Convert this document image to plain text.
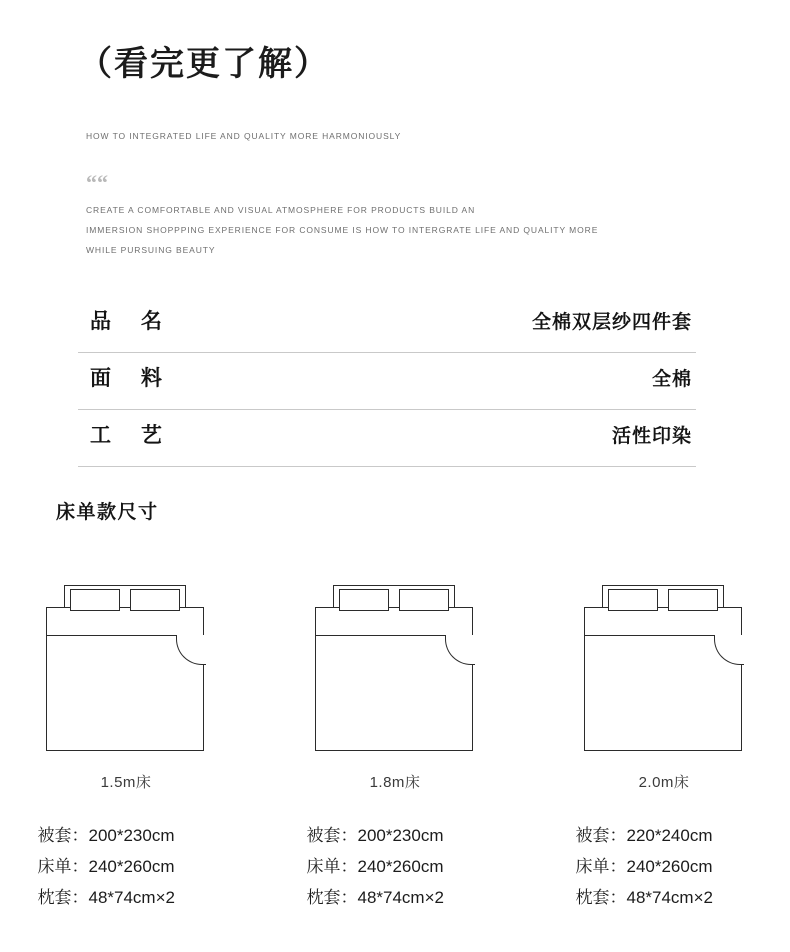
（看完更了解）
HOW TO INTEGRATED LIFE AND QUALITY MORE HARMONIOUSLY
““
CREATE A COMFORTABLE AND VISUAL ATMOSPHERE FOR PRODUCTS BUILD AN
IMMERSION SHOPPPING EXPERIENCE FOR CONSUME IS HOW TO INTERGRATE LIFE AND QUALITY MORE
WHILE PURSUING BEAUTY
品 名	全棉双层纱四件套
面 料	全棉
工 艺	活性印染
床单款尺寸
1.5m床
被套：200*230cm
床单：240*260cm
枕套：48*74cm×2
1.8m床
被套：200*230cm
床单：240*260cm
枕套：48*74cm×2
2.0m床
被套：220*240cm
床单：240*260cm
枕套：48*74cm×2
